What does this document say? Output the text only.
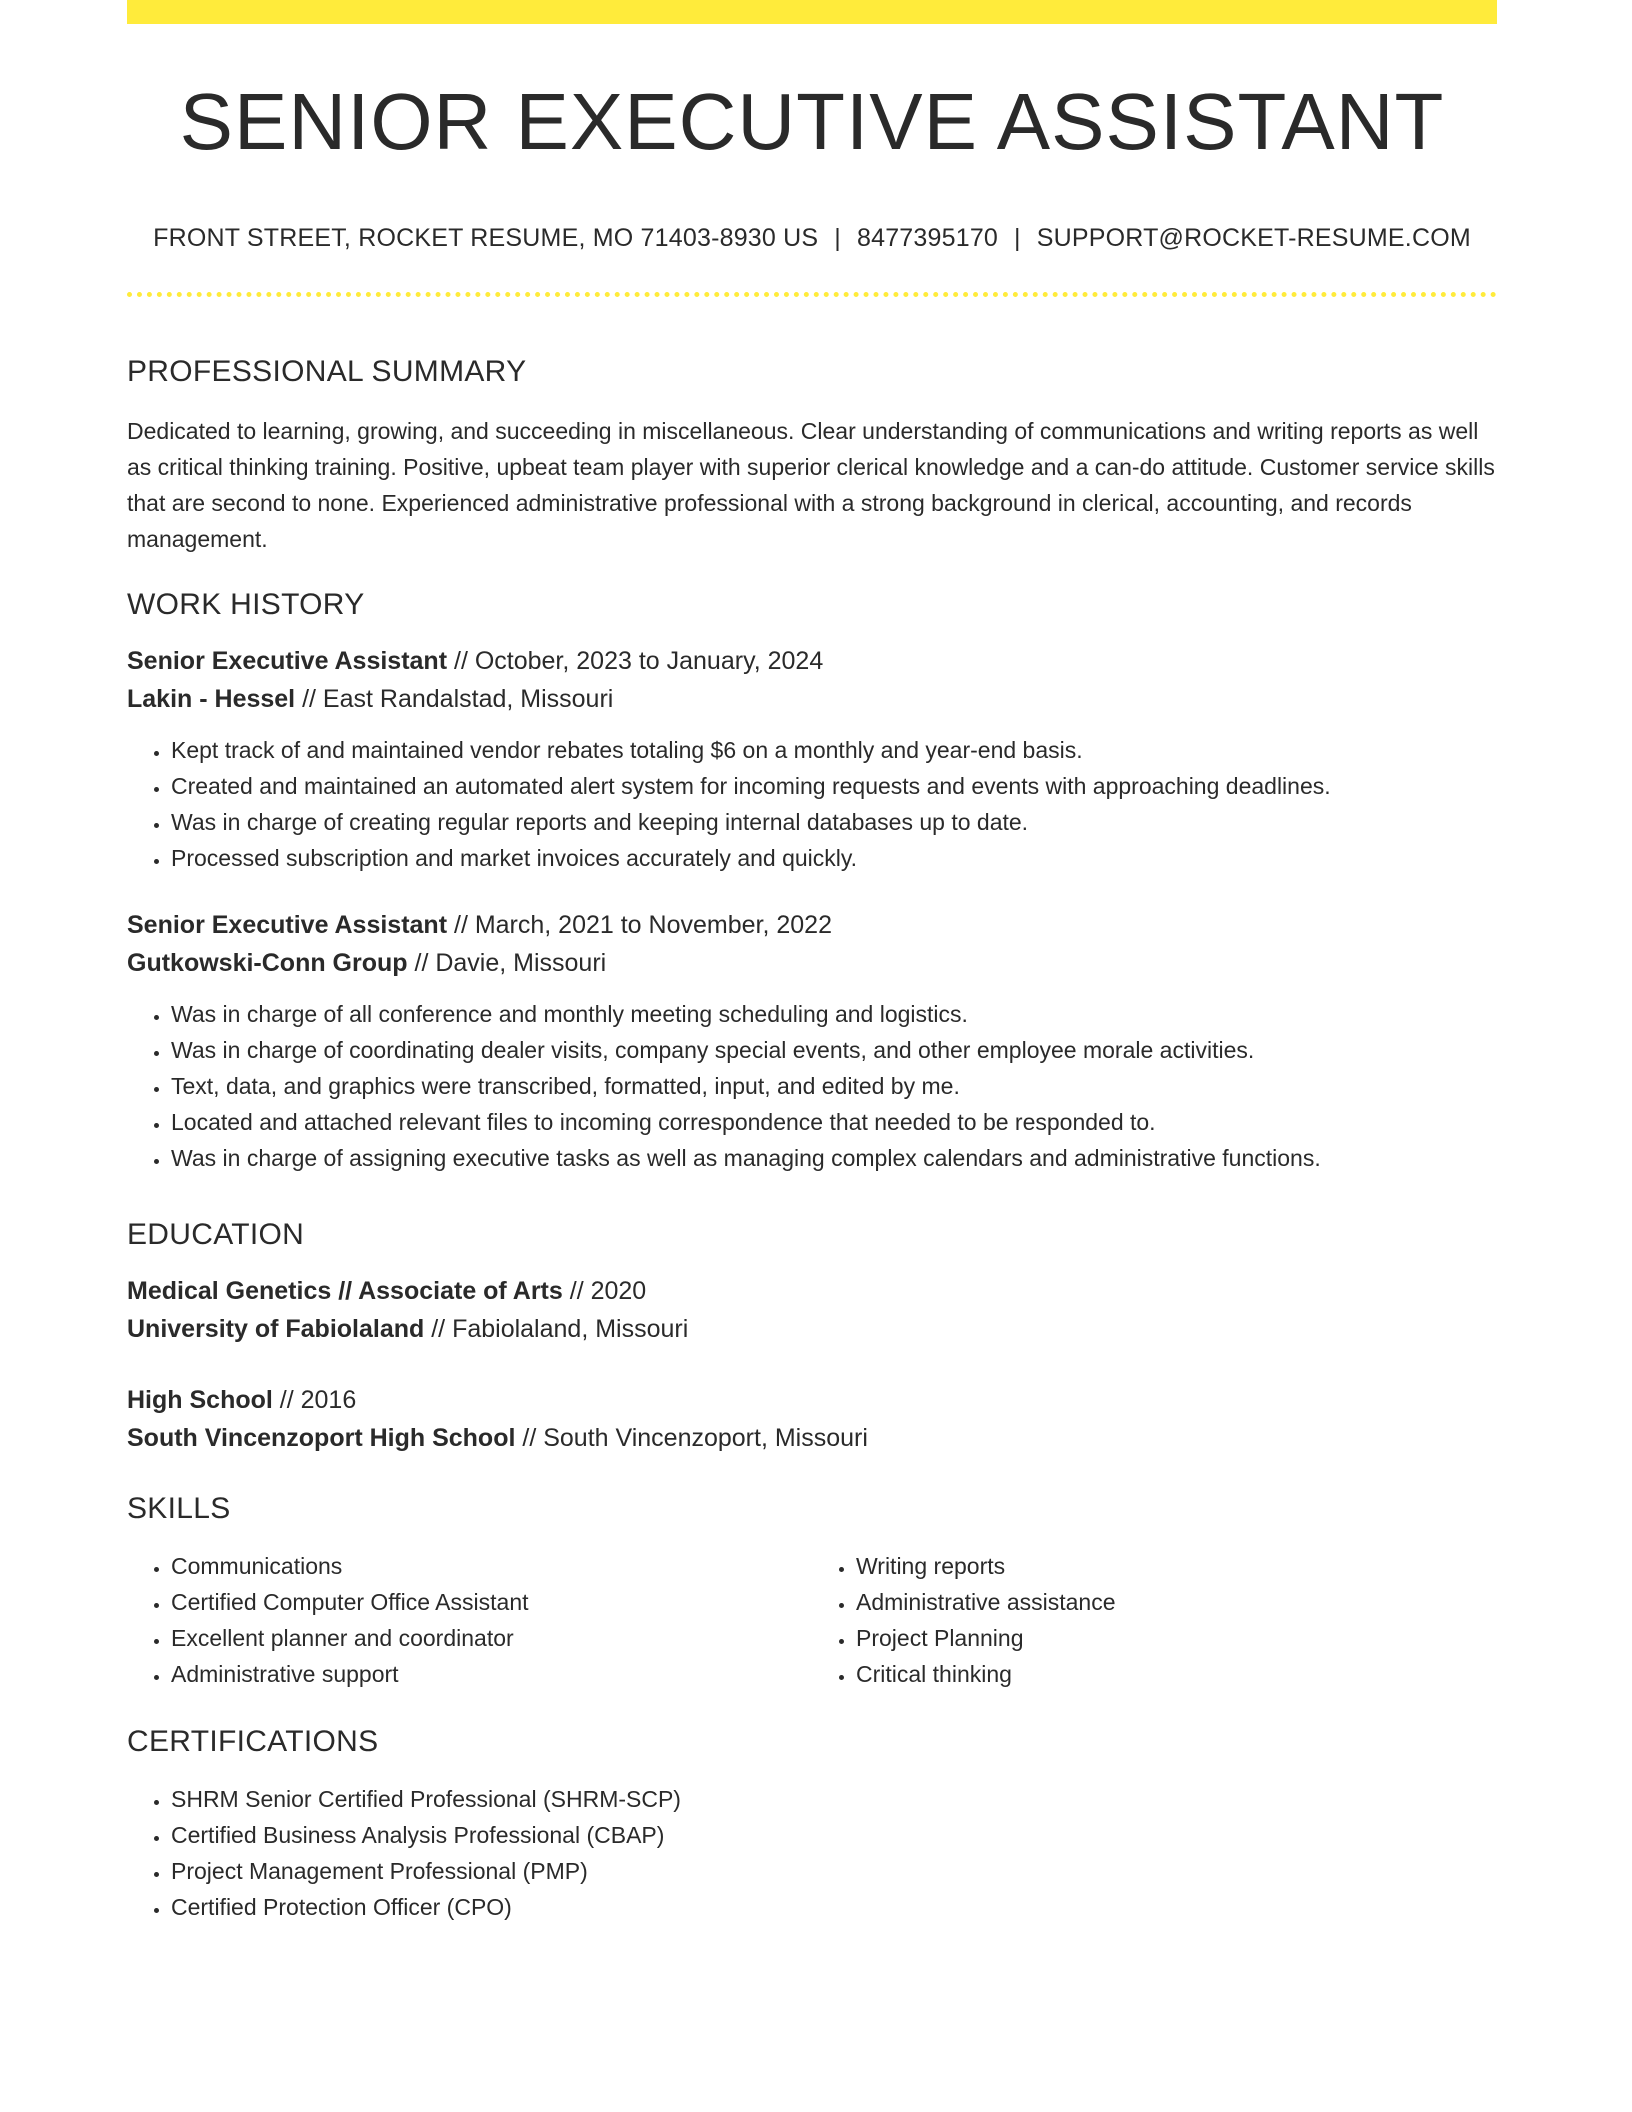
SENIOR EXECUTIVE ASSISTANT
FRONT STREET, ROCKET RESUME, MO 71403-8930 US | 8477395170 | SUPPORT@ROCKET-RESUME.COM
PROFESSIONAL SUMMARY

Dedicated to learning, growing, and succeeding in miscellaneous. Clear understanding of communications and writing reports as well as critical thinking training. Positive, upbeat team player with superior clerical knowledge and a can-do attitude. Customer service skills that are second to none. Experienced administrative professional with a strong background in clerical, accounting, and records management.

WORK HISTORY

Senior Executive Assistant // October, 2023 to January, 2024

Lakin - Hessel // East Randalstad, Missouri

• Kept track of and maintained vendor rebates totaling $6 on a monthly and year-end basis.
• Created and maintained an automated alert system for incoming requests and events with approaching deadlines.
• Was in charge of creating regular reports and keeping internal databases up to date.
• Processed subscription and market invoices accurately and quickly.

Senior Executive Assistant // March, 2021 to November, 2022

Gutkowski-Conn Group // Davie, Missouri

• Was in charge of all conference and monthly meeting scheduling and logistics.
• Was in charge of coordinating dealer visits, company special events, and other employee morale activities.
• Text, data, and graphics were transcribed, formatted, input, and edited by me.
• Located and attached relevant files to incoming correspondence that needed to be responded to.
• Was in charge of assigning executive tasks as well as managing complex calendars and administrative functions.
EDUCATION

Medical Genetics // Associate of Arts // 2020

University of Fabiolaland // Fabiolaland, Missouri

High School // 2016

South Vincenzoport High School // South Vincenzoport, Missouri

SKILLS
• Communications
• Certified Computer Office Assistant
• Excellent planner and coordinator
• Administrative support
• Writing reports
• Administrative assistance
• Project Planning
• Critical thinking
CERTIFICATIONS
• SHRM Senior Certified Professional (SHRM-SCP)
• Certified Business Analysis Professional (CBAP)
• Project Management Professional (PMP)
• Certified Protection Officer (CPO)
